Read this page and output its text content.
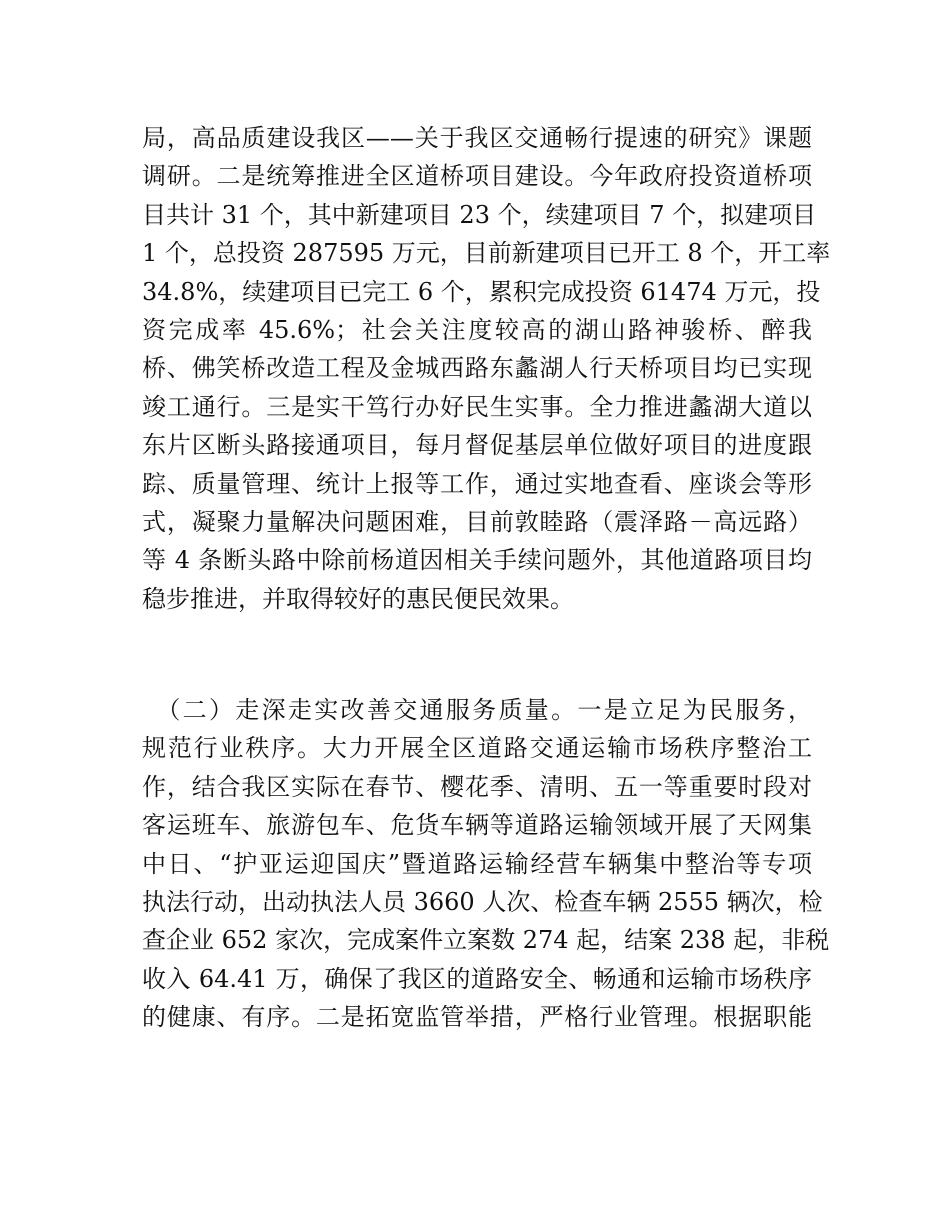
局，高品质建设我区——关于我区交通畅行提速的研究》课题
调研。二是统筹推进全区道桥项目建设。今年政府投资道桥项
目共计 31 个，其中新建项目 23 个，续建项目 7 个，拟建项目
1 个，总投资 287595 万元，目前新建项目已开工 8 个，开工率
34.8%，续建项目已完工 6 个，累积完成投资 61474 万元，投
资完成率 45.6%；社会关注度较高的湖山路神骏桥、醉我
桥、佛笑桥改造工程及金城西路东蠡湖人行天桥项目均已实现
竣工通行。三是实干笃行办好民生实事。全力推进蠡湖大道以
东片区断头路接通项目，每月督促基层单位做好项目的进度跟
踪、质量管理、统计上报等工作，通过实地查看、座谈会等形
式，凝聚力量解决问题困难，目前敦睦路（震泽路－高远路）
等 4 条断头路中除前杨道因相关手续问题外，其他道路项目均
稳步推进，并取得较好的惠民便民效果。
　（二）走深走实改善交通服务质量。一是立足为民服务，
规范行业秩序。大力开展全区道路交通运输市场秩序整治工
作，结合我区实际在春节、樱花季、清明、五一等重要时段对
客运班车、旅游包车、危货车辆等道路运输领域开展了天网集
中日、“护亚运迎国庆”暨道路运输经营车辆集中整治等专项
执法行动，出动执法人员 3660 人次、检查车辆 2555 辆次，检
查企业 652 家次，完成案件立案数 274 起，结案 238 起，非税
收入 64.41 万，确保了我区的道路安全、畅通和运输市场秩序
的健康、有序。二是拓宽监管举措，严格行业管理。根据职能
